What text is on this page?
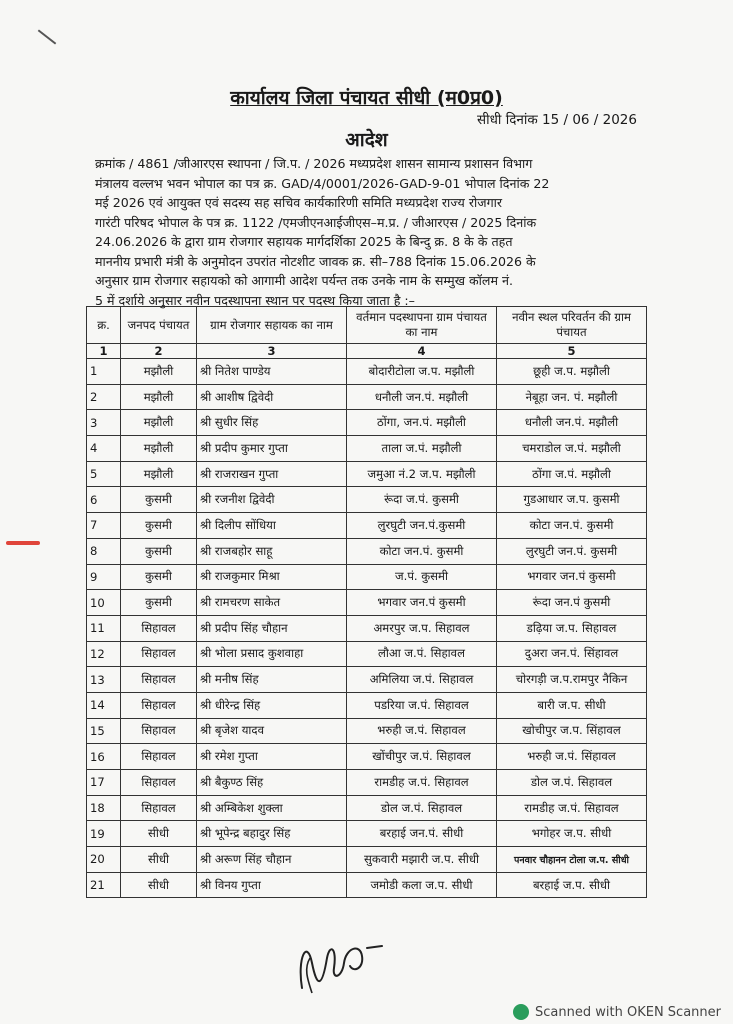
कार्यालय जिला पंचायत सीधी (म0प्र0)
सीधी दिनांक 15 / 06 / 2026
आदेश
क्रमांक / 4861 /जीआरएस स्थापना / जि.प. / 2026 मध्यप्रदेश शासन सामान्य प्रशासन विभाग
मंत्रालय वल्लभ भवन भोपाल का पत्र क्र. GAD/4/0001/2026-GAD-9-01 भोपाल दिनांक 22
मई 2026 एवं आयुक्त एवं सदस्य सह सचिव कार्यकारिणी समिति मध्यप्रदेश राज्य रोजगार
गारंटी परिषद भोपाल के पत्र क्र. 1122 /एमजीएनआईजीएस–म.प्र. / जीआरएस / 2025 दिनांक
24.06.2026 के द्वारा ग्राम रोजगार सहायक मार्गदर्शिका 2025 के बिन्दु क्र. 8 के के तहत
माननीय प्रभारी मंत्री के अनुमोदन उपरांत नोटशीट जावक क्र. सी–788 दिनांक 15.06.2026 के
अनुसार ग्राम रोजगार सहायको को आगामी आदेश पर्यन्त तक उनके नाम के सम्मुख कॉलम नं.
5 में दर्शाये अनुसार नवीन पदस्थापना स्थान पर पदस्थ किया जाता है :–
क्र.	जनपद पंचायत	ग्राम रोजगार सहायक का नाम	वर्तमान पदस्थापना ग्राम पंचायत का नाम	नवीन स्थल परिवर्तन की ग्राम पंचायत
1	2	3	4	5
1	मझौली	श्री नितेश पाण्डेय	बोदारीटोला ज.प. मझौली	छूही ज.प. मझौली
2	मझौली	श्री आशीष द्विवेदी	धनौली जन.पं. मझौली	नेबूहा जन. पं. मझौली
3	मझौली	श्री सुधीर सिंह	ठोंगा, जन.पं. मझौली	धनौली जन.पं. मझौली
4	मझौली	श्री प्रदीप कुमार गुप्ता	ताला ज.पं. मझौली	चमराडोल ज.पं. मझौली
5	मझौली	श्री राजराखन गुप्ता	जमुआ नं.2 ज.प. मझौली	ठोंगा ज.पं. मझौली
6	कुसमी	श्री रजनीश द्विवेदी	रूंदा ज.पं. कुसमी	गुडआधार ज.प. कुसमी
7	कुसमी	श्री दिलीप सोंधिया	लुरघुटी जन.पं.कुसमी	कोटा जन.पं. कुसमी
8	कुसमी	श्री राजबहोर साहू	कोटा जन.पं. कुसमी	लुरघुटी जन.पं. कुसमी
9	कुसमी	श्री राजकुमार मिश्रा	ज.पं. कुसमी	भगवार जन.पं कुसमी
10	कुसमी	श्री रामचरण साकेत	भगवार जन.पं कुसमी	रूंदा जन.पं कुसमी
11	सिहावल	श्री प्रदीप सिंह चौहान	अमरपुर ज.प. सिहावल	डढ़िया ज.प. सिहावल
12	सिहावल	श्री भोला प्रसाद कुशवाहा	लौआ ज.पं. सिहावल	दुअरा जन.पं. सिंहावल
13	सिहावल	श्री मनीष सिंह	अमिलिया ज.पं. सिहावल	चोरगड़ी ज.प.रामपुर नैकिन
14	सिहावल	श्री धीरेन्द्र सिंह	पडरिया ज.पं. सिहावल	बारी ज.प. सीधी
15	सिहावल	श्री बृजेश यादव	भरुही ज.पं. सिहावल	खोचीपुर ज.प. सिंहावल
16	सिहावल	श्री रमेश गुप्ता	खोंचीपुर ज.पं. सिहावल	भरुही ज.पं. सिंहावल
17	सिहावल	श्री बैकुण्ठ सिंह	रामडीह ज.पं. सिहावल	डोल ज.पं. सिहावल
18	सिहावल	श्री अम्बिकेश शुक्ला	डोल ज.पं. सिहावल	रामडीह ज.पं. सिहावल
19	सीधी	श्री भूपेन्द्र बहादुर सिंह	बरहाई जन.पं. सीधी	भगोहर ज.प. सीधी
20	सीधी	श्री अरूण सिंह चौहान	सुकवारी मझारी ज.प. सीधी	पनवार चौहानन टोला ज.प. सीधी
21	सीधी	श्री विनय गुप्ता	जमोडी कला ज.प. सीधी	बरहाई ज.प. सीधी
Scanned with OKEN Scanner
